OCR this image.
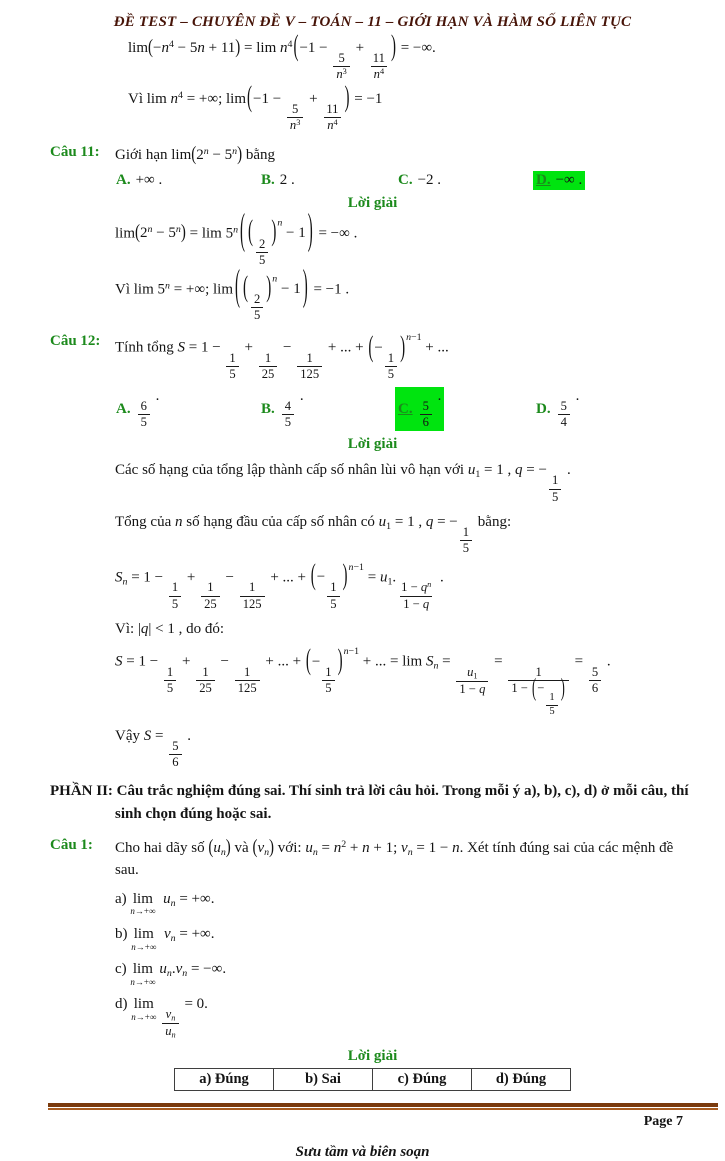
ĐỀ TEST – CHUYÊN ĐỀ V – TOÁN – 11 – GIỚI HẠN VÀ HÀM SỐ LIÊN TỤC
$\lim(-n^4 - 5n + 11) = \lim n^4(-1$ −
$\frac{5}{n^3}$
+
$\frac{11}{n^4}$
) = −∞.
Vì $\lim n^4$ = +∞; lim(−1 −
$\frac{5}{n^3}$
+
$\frac{11}{n^4}$
) = −1
Câu 11:	Giới hạn $\lim(2^n - 5^n)$ bằng
A. +∞ .	B. 2 .	C. −2 .	D. −∞ .
Lời giải
$\lim(2^n - 5^n) = \lim 5^n$ ( (
$\frac{2}{5}$
)$^n$ − 1 ) = −∞ .
Vì $\lim 5^n$ = +∞; lim ( (
$\frac{2}{5}$
)$^n$ − 1 ) = −1 .
Câu 12: Tính tổng S = 1 −
$\frac{1}{5}$
+
$\frac{1}{25}$
−
$\frac{1}{125}$
+ ... + (−
$\frac{1}{5}$
)$^{n-1}$ + ...
A. $\frac{6}{5}$
.
B. $\frac{4}{5}$
.
C. $\frac{5}{6}$
.
D. $\frac{5}{4}$
.
Lời giải
Các số hạng của tổng lập thành cấp số nhân lùi vô hạn với $u_1 = 1$ , q = −
$\frac{1}{5}$
.
Tổng của n số hạng đầu của cấp số nhân có $u_1 = 1$ , q = −
$\frac{1}{5}$
bằng:
$S_n = 1$ −
$\frac{1}{5}$
+
$\frac{1}{25}$
−
$\frac{1}{125}$
+ ... + (−
$\frac{1}{5}$
)$^{n-1} = u_1$.
$\frac{1 - q^n}{1 - q}$
.
Vì: |q| < 1 , do đó:
S = 1 −
$\frac{1}{5}$
+
$\frac{1}{25}$
−
$\frac{1}{125}$
+ ... + (−
$\frac{1}{5}$
)$^{n-1}$ + ... = $\lim S_n$ =
$\frac{u_1}{1 - q}$
=
1
1 − (−
$\frac{1}{5}$
)
=
$\frac{5}{6}$
.
Vậy S =
$\frac{5}{6}$
.
PHẦN II: Câu trắc nghiệm đúng sai. Thí sinh trả lời câu hỏi. Trong mỗi ý a), b), c), d) ở mỗi câu, thí sinh chọn đúng hoặc sai.
Câu 1:	Cho hai dãy số $(u_n)$ và $(v_n)$ với: $u_n = n^2 + n + 1$; $v_n = 1 - n$. Xét tính đúng sai của các mệnh đề sau.
a) lim
n→+∞
$u_n$ = +∞.
b) lim
n→+∞
$v_n$ = +∞.
c) lim
n→+∞
$u_n.v_n$ = −∞.
d) lim
$n\to+\infty \frac{v_n}{u_n}$
= 0.
Lời giải
a) Đúng	b) Sai	c) Đúng	d) Đúng
Page 7
Sưu tầm và biên soạn
